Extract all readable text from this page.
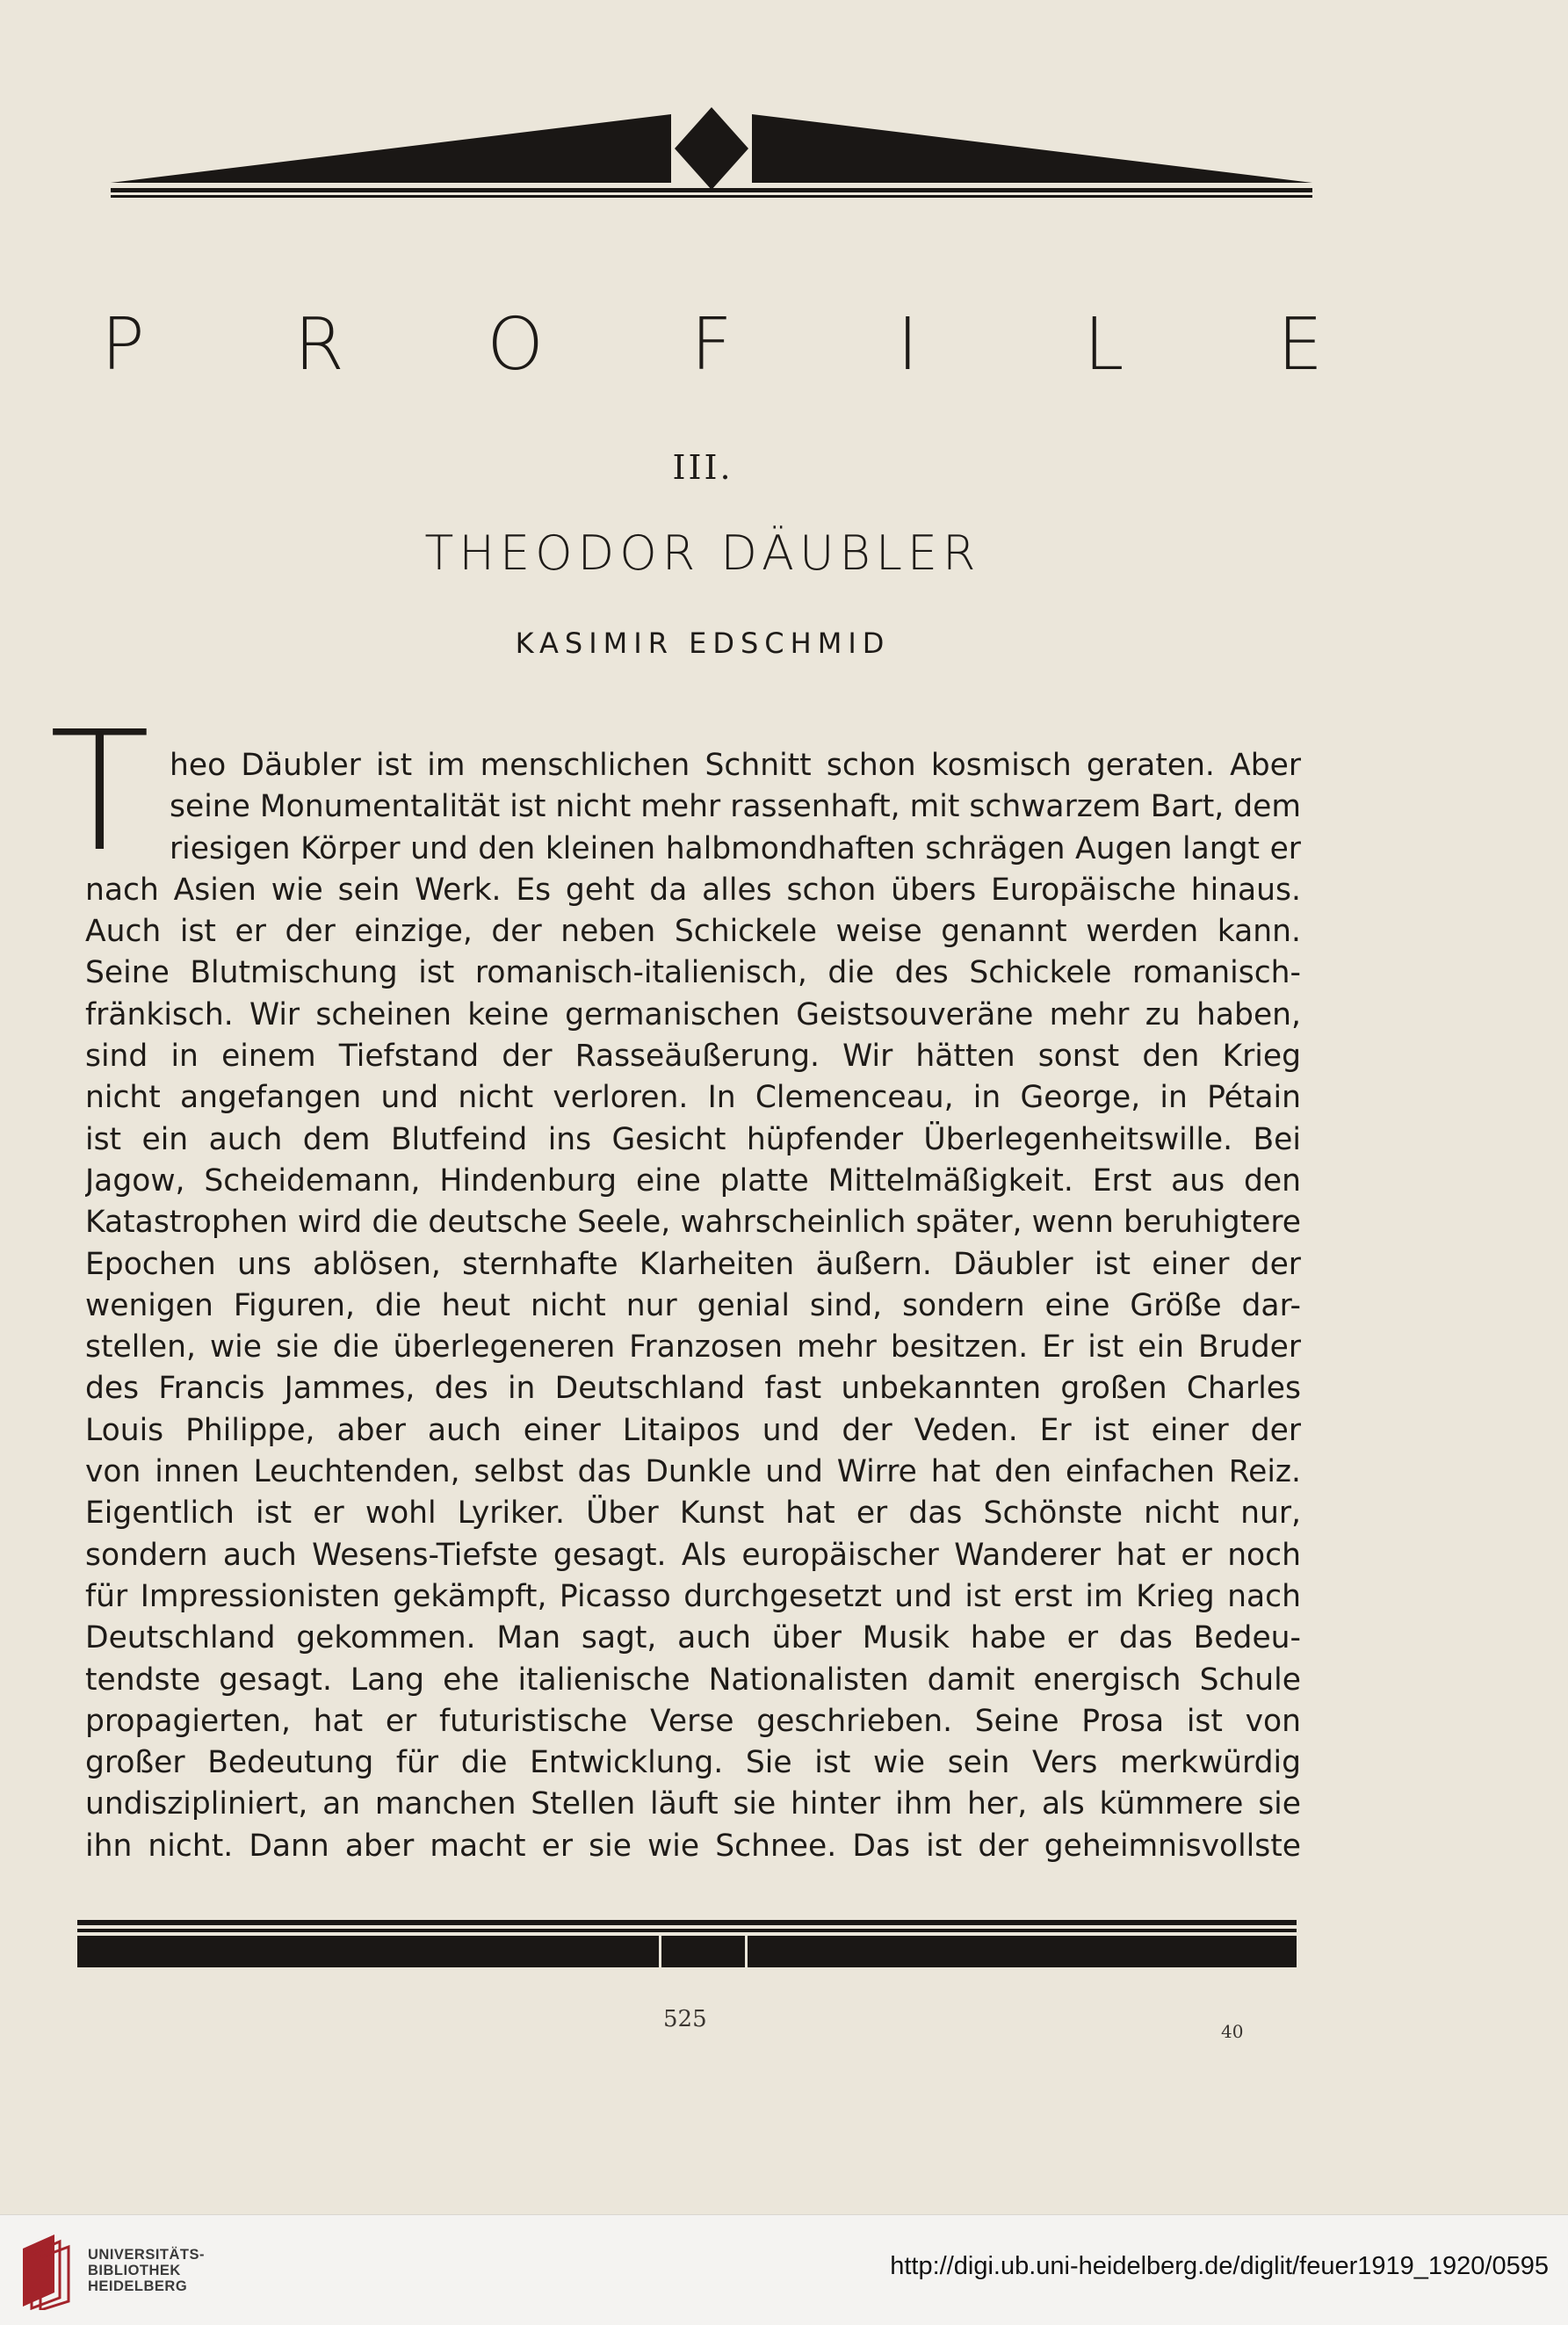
P R O F	I	L E
III.
THEODOR DÄUBLER
KASIMIR EDSCHMID
T heo Däubler ist im menschlichen Schnitt schon kosmisch geraten. Aber
seine Monumentalität ist nicht mehr rassenhaft, mit schwarzem Bart, dem
riesigen Körper und den kleinen halbmondhaften schrägen Augen langt er
nach Asien wie sein Werk. Es geht da alles schon übers Europäische hinaus.
Auch ist er der einzige, der neben Schickele weise genannt werden kann.
Seine Blutmischung ist romanisch-italienisch, die des Schickele romanisch-
fränkisch. Wir scheinen keine germanischen Geistsouveräne mehr zu haben,
sind in einem Tiefstand der Rasseäußerung. Wir hätten sonst den Krieg
nicht angefangen und nicht verloren. In Clemenceau, in George, in Pétain
ist ein auch dem Blutfeind ins Gesicht hüpfender Überlegenheitswille. Bei
Jagow, Scheidemann, Hindenburg eine platte Mittelmäßigkeit. Erst aus den
Katastrophen wird die deutsche Seele, wahrscheinlich später, wenn beruhigtere
Epochen uns ablösen, sternhafte Klarheiten äußern. Däubler ist einer der
wenigen Figuren, die heut nicht nur genial sind, sondern eine Größe dar-
stellen, wie sie die überlegeneren Franzosen mehr besitzen. Er ist ein Bruder
des Francis Jammes, des in Deutschland fast unbekannten großen Charles
Louis Philippe, aber auch einer Litaipos und der Veden. Er ist einer der
von innen Leuchtenden, selbst das Dunkle und Wirre hat den einfachen Reiz.
Eigentlich ist er wohl Lyriker. Über Kunst hat er das Schönste nicht nur,
sondern auch Wesens-Tiefste gesagt. Als europäischer Wanderer hat er noch
für Impressionisten gekämpft, Picasso durchgesetzt und ist erst im Krieg nach
Deutschland gekommen. Man sagt, auch über Musik habe er das Bedeu-
tendste gesagt. Lang ehe italienische Nationalisten damit energisch Schule
propagierten, hat er futuristische Verse geschrieben. Seine Prosa ist von
großer Bedeutung für die Entwicklung. Sie ist wie sein Vers merkwürdig
undiszipliniert, an manchen Stellen läuft sie hinter ihm her, als kümmere sie
ihn nicht. Dann aber macht er sie wie Schnee. Das ist der geheimnisvollste
525	40
UNIVERSITÄTS-
BIBLIOTHEK
HEIDELBERG
http://digi.ub.uni-heidelberg.de/diglit/feuer1919_1920/0595
